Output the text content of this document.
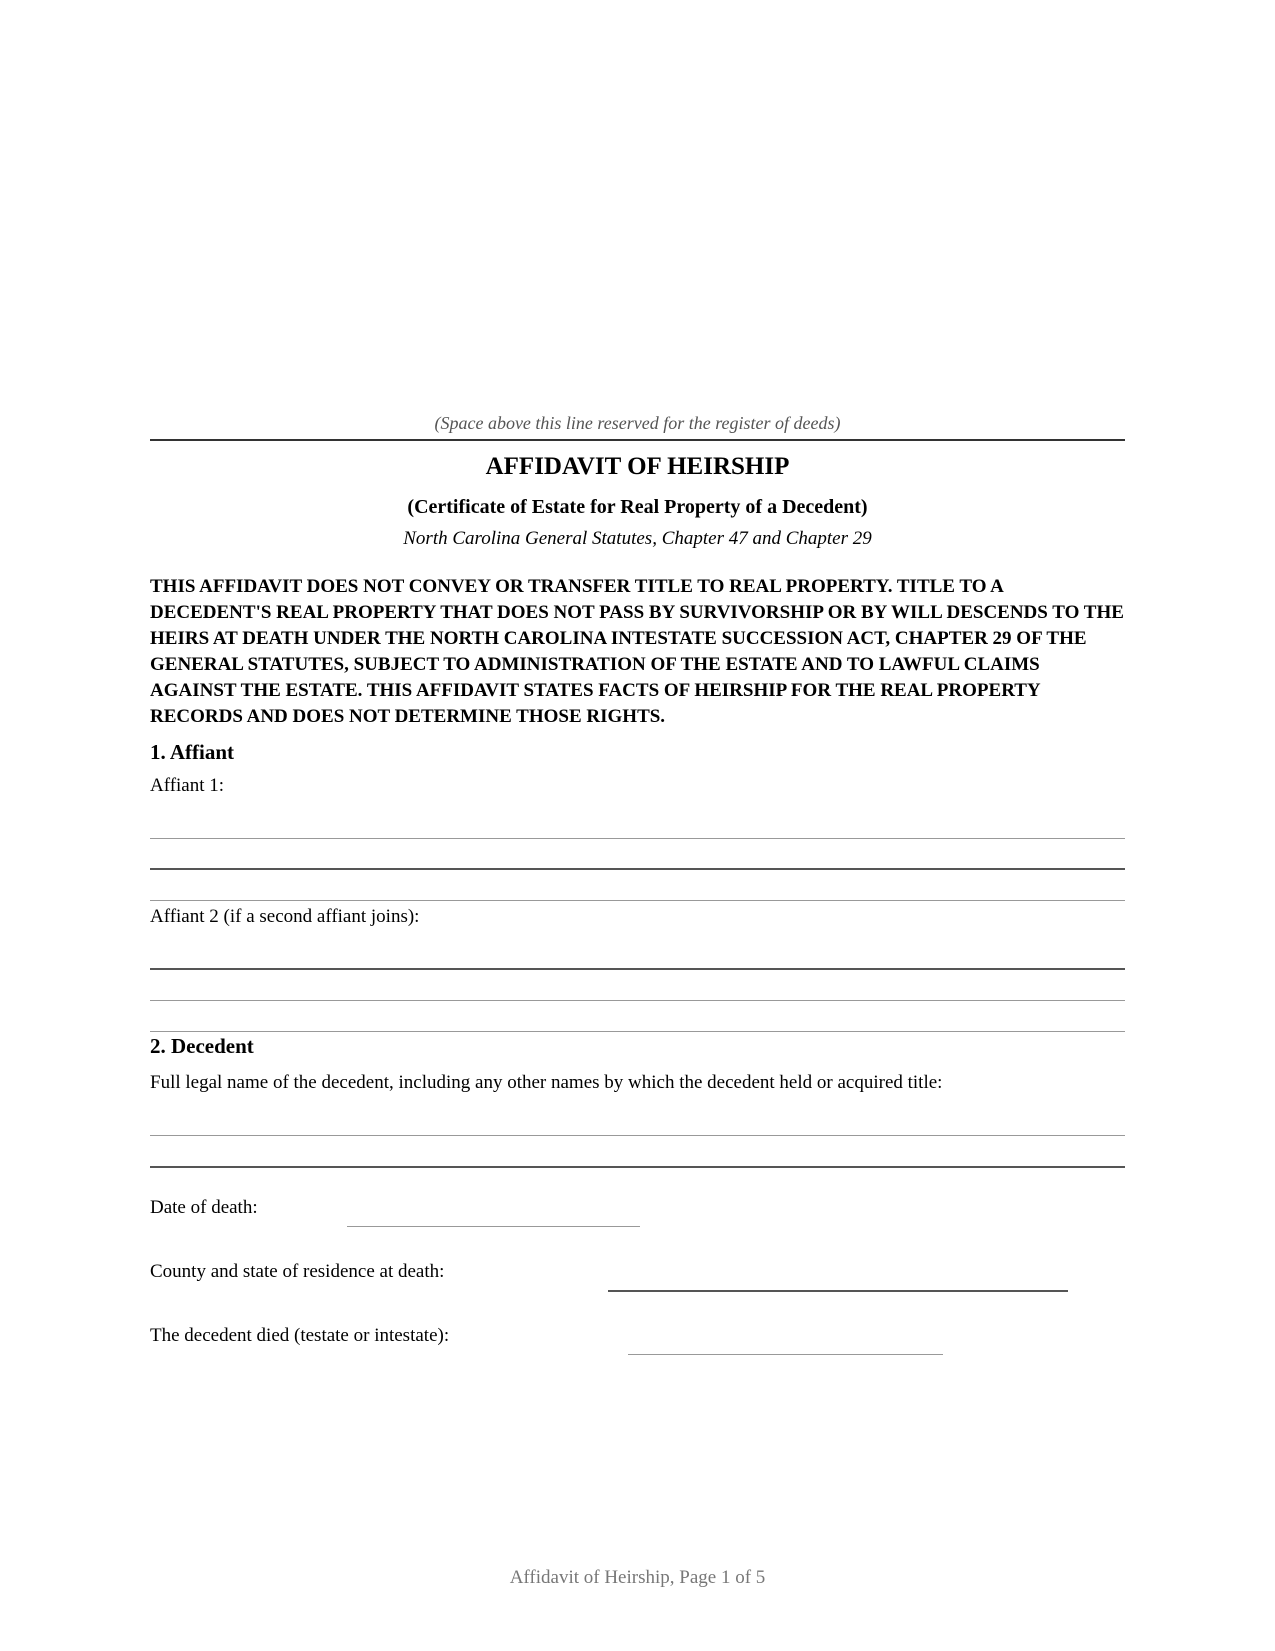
(Space above this line reserved for the register of deeds)
AFFIDAVIT OF HEIRSHIP
(Certificate of Estate for Real Property of a Decedent)
North Carolina General Statutes, Chapter 47 and Chapter 29
THIS AFFIDAVIT DOES NOT CONVEY OR TRANSFER TITLE TO REAL PROPERTY. TITLE TO A DECEDENT'S REAL PROPERTY THAT DOES NOT PASS BY SURVIVORSHIP OR BY WILL DESCENDS TO THE HEIRS AT DEATH UNDER THE NORTH CAROLINA INTESTATE SUCCESSION ACT, CHAPTER 29 OF THE GENERAL STATUTES, SUBJECT TO ADMINISTRATION OF THE ESTATE AND TO LAWFUL CLAIMS AGAINST THE ESTATE. THIS AFFIDAVIT STATES FACTS OF HEIRSHIP FOR THE REAL PROPERTY RECORDS AND DOES NOT DETERMINE THOSE RIGHTS.
1. Affiant
Affiant 1:
Affiant 2 (if a second affiant joins):
2. Decedent
Full legal name of the decedent, including any other names by which the decedent held or acquired title:
Date of death:
County and state of residence at death:
The decedent died (testate or intestate):
Affidavit of Heirship, Page 1 of 5
